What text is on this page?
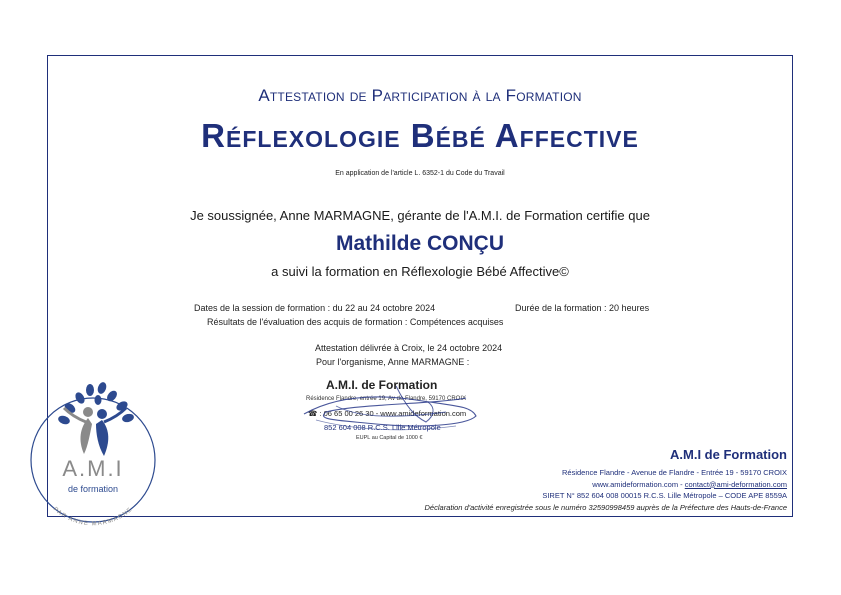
Attestation de Participation à la Formation
Réflexologie Bébé Affective
En application de l'article L. 6352-1 du Code du Travail
Je soussignée, Anne MARMAGNE, gérante de l'A.M.I. de Formation certifie que
Mathilde CONÇU
a suivi la formation en Réflexologie Bébé Affective©
Dates de la session de formation : du 22 au 24 octobre 2024	Durée de la formation : 20 heures
Résultats de l'évaluation des acquis de formation : Compétences acquises
Attestation délivrée à Croix, le 24 octobre 2024
Pour l'organisme, Anne MARMAGNE :
A.M.I. de Formation
Résidence Flandre, entrée 19, Av de Flandre, 59170 CROIX
☎ : 06 65 00 26 30 - www.amideformation.com
852 604 008 R.C.S. Lille Métropole
EUPL au Capital de 1000 €
A.M.I
de formation
PAR ANNE MARMAGNE
A.M.I de Formation
Résidence Flandre - Avenue de Flandre - Entrée 19 - 59170 CROIX
www.amideformation.com - contact@ami-deformation.com
SIRET N° 852 604 008 00015 R.C.S. Lille Métropole – CODE APE 8559A
Déclaration d'activité enregistrée sous le numéro 32590998459 auprès de la Préfecture des Hauts-de-France
